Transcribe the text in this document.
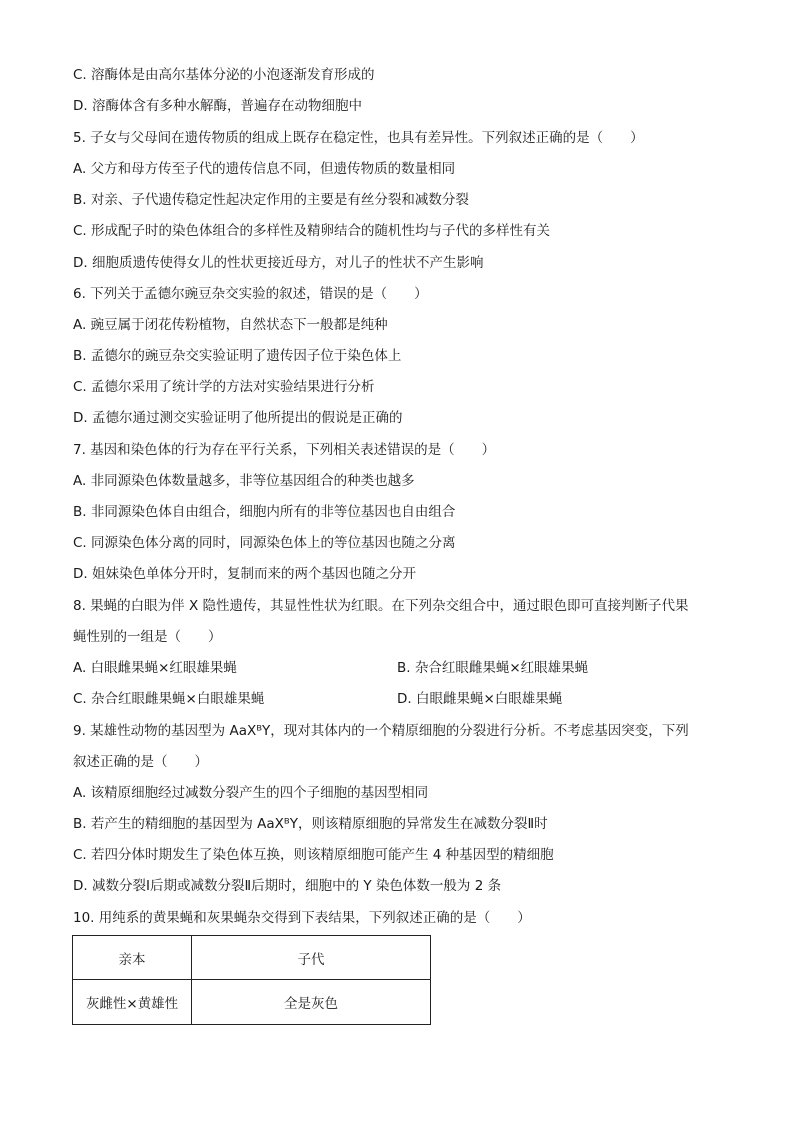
C. 溶酶体是由高尔基体分泌的小泡逐渐发育形成的
D. 溶酶体含有多种水解酶，普遍存在动物细胞中
5. 子女与父母间在遗传物质的组成上既存在稳定性，也具有差异性。下列叙述正确的是（　　）
A. 父方和母方传至子代的遗传信息不同，但遗传物质的数量相同
B. 对亲、子代遗传稳定性起决定作用的主要是有丝分裂和减数分裂
C. 形成配子时的染色体组合的多样性及精卵结合的随机性均与子代的多样性有关
D. 细胞质遗传使得女儿的性状更接近母方，对儿子的性状不产生影响
6. 下列关于孟德尔豌豆杂交实验的叙述，错误的是（　　）
A. 豌豆属于闭花传粉植物，自然状态下一般都是纯种
B. 孟德尔的豌豆杂交实验证明了遗传因子位于染色体上
C. 孟德尔采用了统计学的方法对实验结果进行分析
D. 孟德尔通过测交实验证明了他所提出的假说是正确的
7. 基因和染色体的行为存在平行关系，下列相关表述错误的是（　　）
A. 非同源染色体数量越多，非等位基因组合的种类也越多
B. 非同源染色体自由组合，细胞内所有的非等位基因也自由组合
C. 同源染色体分离的同时，同源染色体上的等位基因也随之分离
D. 姐妹染色单体分开时，复制而来的两个基因也随之分开
8. 果蝇的白眼为伴 X 隐性遗传，其显性性状为红眼。在下列杂交组合中，通过眼色即可直接判断子代果
蝇性别的一组是（　　）
A. 白眼雌果蝇×红眼雄果蝇	B. 杂合红眼雌果蝇×红眼雄果蝇
C. 杂合红眼雌果蝇×白眼雄果蝇	D. 白眼雌果蝇×白眼雄果蝇
9. 某雄性动物的基因型为 AaXᴮY，现对其体内的一个精原细胞的分裂进行分析。不考虑基因突变，下列
叙述正确的是（　　）
A. 该精原细胞经过减数分裂产生的四个子细胞的基因型相同
B. 若产生的精细胞的基因型为 AaXᴮY，则该精原细胞的异常发生在减数分裂Ⅱ时
C. 若四分体时期发生了染色体互换，则该精原细胞可能产生 4 种基因型的精细胞
D. 减数分裂Ⅰ后期或减数分裂Ⅱ后期时，细胞中的 Y 染色体数一般为 2 条
10. 用纯系的黄果蝇和灰果蝇杂交得到下表结果，下列叙述正确的是（　　）
亲本	子代
灰雌性×黄雄性	全是灰色
